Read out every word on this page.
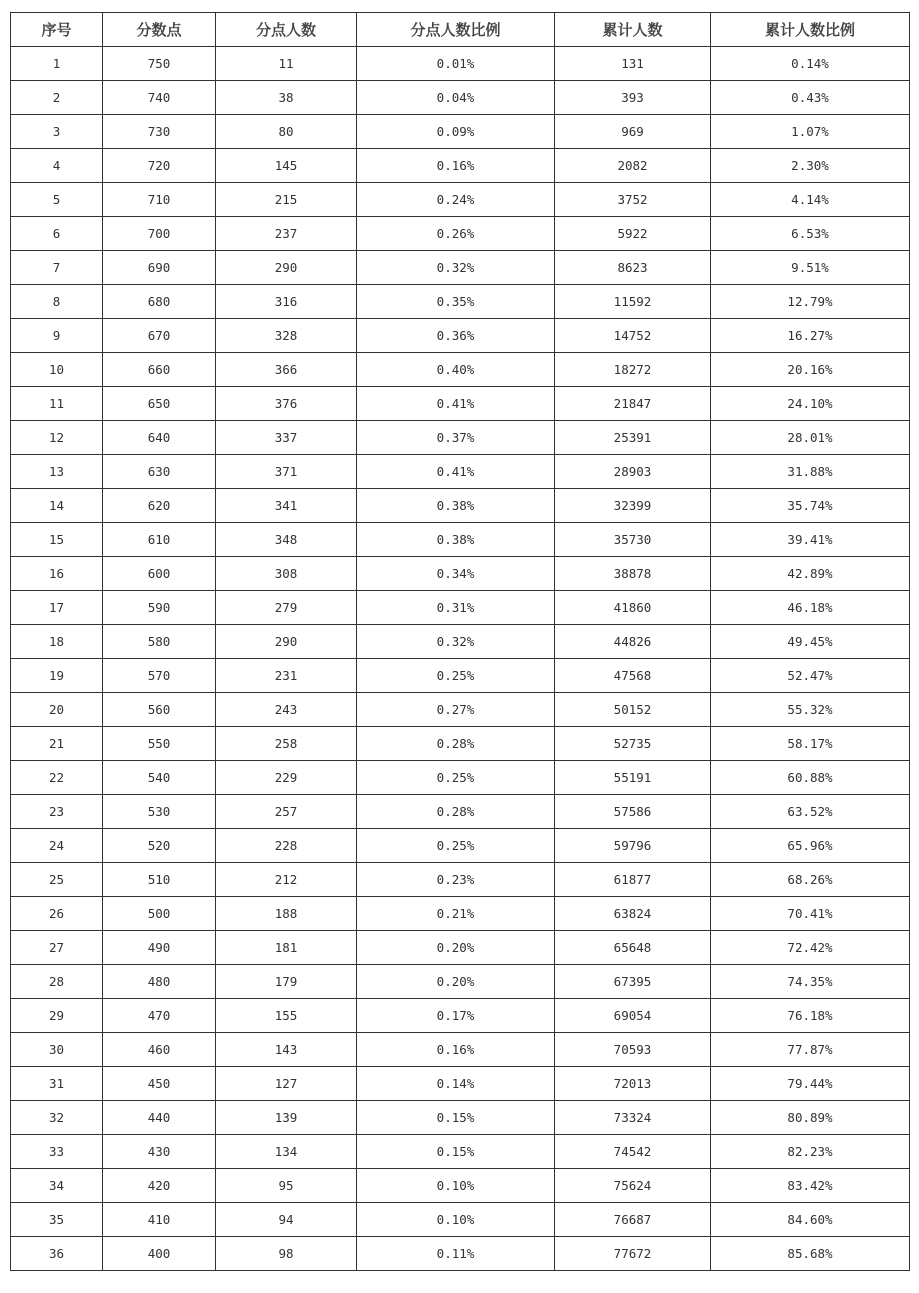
序号	分数点	分点人数	分点人数比例	累计人数	累计人数比例
1	750	11	0.01%	131	0.14%
2	740	38	0.04%	393	0.43%
3	730	80	0.09%	969	1.07%
4	720	145	0.16%	2082	2.30%
5	710	215	0.24%	3752	4.14%
6	700	237	0.26%	5922	6.53%
7	690	290	0.32%	8623	9.51%
8	680	316	0.35%	11592	12.79%
9	670	328	0.36%	14752	16.27%
10	660	366	0.40%	18272	20.16%
11	650	376	0.41%	21847	24.10%
12	640	337	0.37%	25391	28.01%
13	630	371	0.41%	28903	31.88%
14	620	341	0.38%	32399	35.74%
15	610	348	0.38%	35730	39.41%
16	600	308	0.34%	38878	42.89%
17	590	279	0.31%	41860	46.18%
18	580	290	0.32%	44826	49.45%
19	570	231	0.25%	47568	52.47%
20	560	243	0.27%	50152	55.32%
21	550	258	0.28%	52735	58.17%
22	540	229	0.25%	55191	60.88%
23	530	257	0.28%	57586	63.52%
24	520	228	0.25%	59796	65.96%
25	510	212	0.23%	61877	68.26%
26	500	188	0.21%	63824	70.41%
27	490	181	0.20%	65648	72.42%
28	480	179	0.20%	67395	74.35%
29	470	155	0.17%	69054	76.18%
30	460	143	0.16%	70593	77.87%
31	450	127	0.14%	72013	79.44%
32	440	139	0.15%	73324	80.89%
33	430	134	0.15%	74542	82.23%
34	420	95	0.10%	75624	83.42%
35	410	94	0.10%	76687	84.60%
36	400	98	0.11%	77672	85.68%
